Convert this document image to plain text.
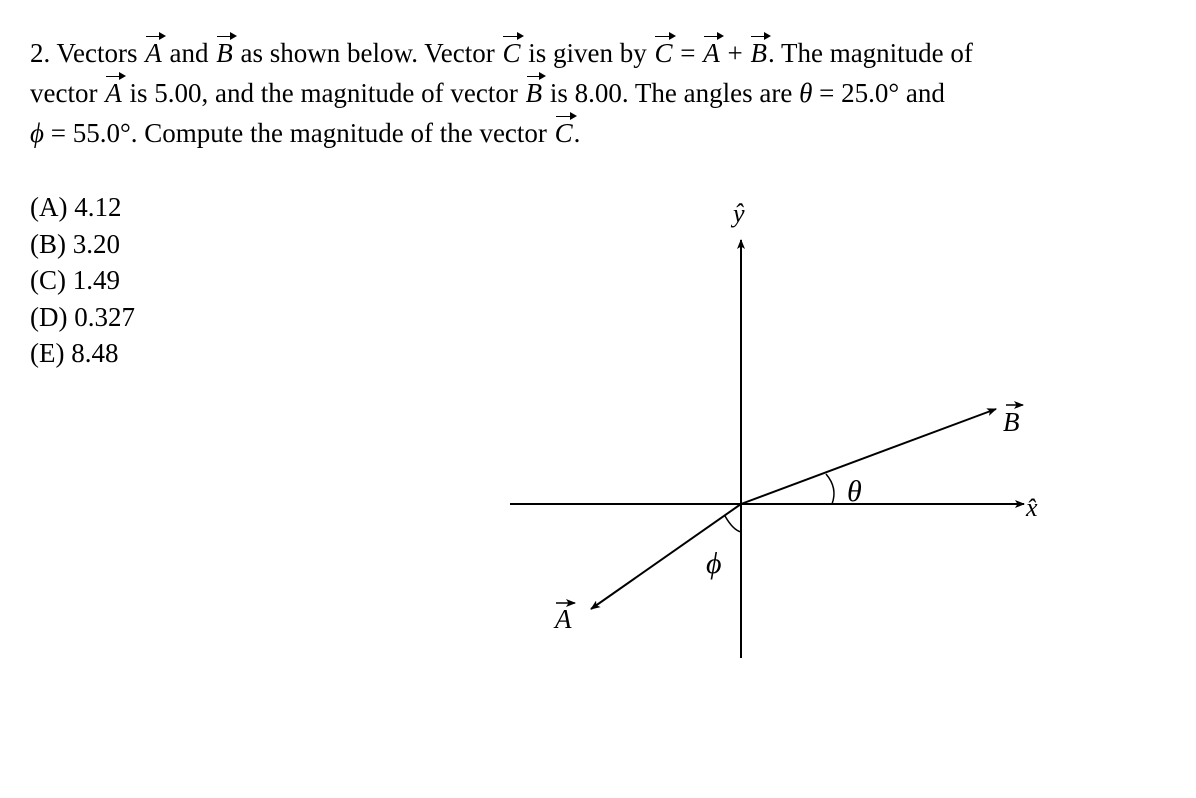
2. Vectors A and B as shown below. Vector C is given by C = A + B. The magnitude of
vector A is 5.00, and the magnitude of vector B is 8.00. The angles are θ = 25.0° and
ϕ = 55.0°. Compute the magnitude of the vector C.
(A) 4.12
(B) 3.20
(C) 1.49
(D) 0.327
(E) 8.48
ŷ
x̂
θ
ϕ
B
A
